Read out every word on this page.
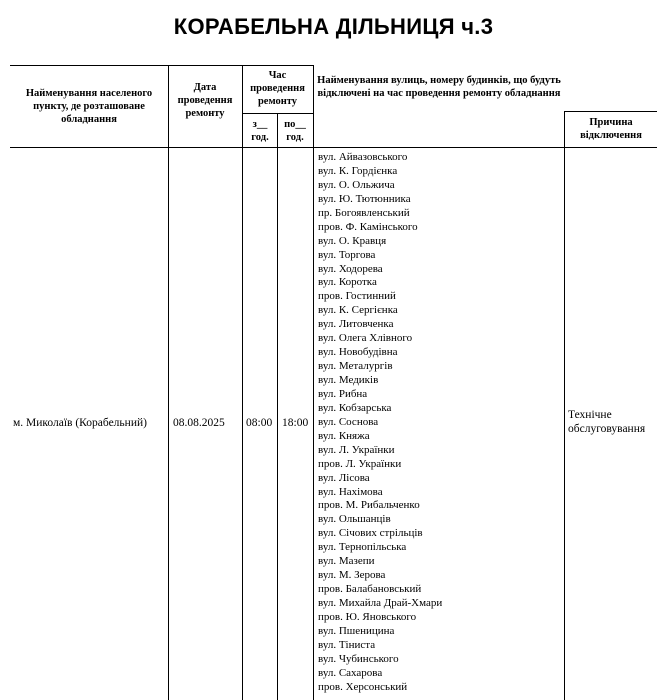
КОРАБЕЛЬНА ДІЛЬНИЦЯ ч.3
Найменування населеного пункту, де розташоване обладнання
Дата проведення ремонту
Час проведення ремонту
з__ год.
по__ год.
Найменування вулиць, номеру будинків, що будуть відключені на час проведення ремонту обладнання
Причина відключення
м. Миколаїв (Корабельний)	08.08.2025	08:00 18:00
Технічне обслуговування
вул. Айвазовського
вул. К. Гордієнка
вул. О. Ольжича
вул. Ю. Тютюнника
пр. Богоявленський
пров. Ф. Камінського
вул. О. Кравця
вул. Торгова
вул. Ходорева
вул. Коротка
пров. Гостинний
вул. К. Сергієнка
вул. Литовченка
вул. Олега Хлівного
вул. Новобудівна
вул. Металургів
вул. Медиків
вул. Рибна
вул. Кобзарська
вул. Соснова
вул. Княжа
вул. Л. Українки
пров. Л. Українки
вул. Лісова
вул. Нахімова
пров. М. Рибальченко
вул. Ольшанців
вул. Січових стрільців
вул. Тернопільська
вул. Мазепи
вул. М. Зерова
пров. Балабановський
вул. Михайла Драй-Хмари
пров. Ю. Яновського
вул. Пшеницина
вул. Тіниста
вул. Чубинського
вул. Сахарова
пров. Херсонський
